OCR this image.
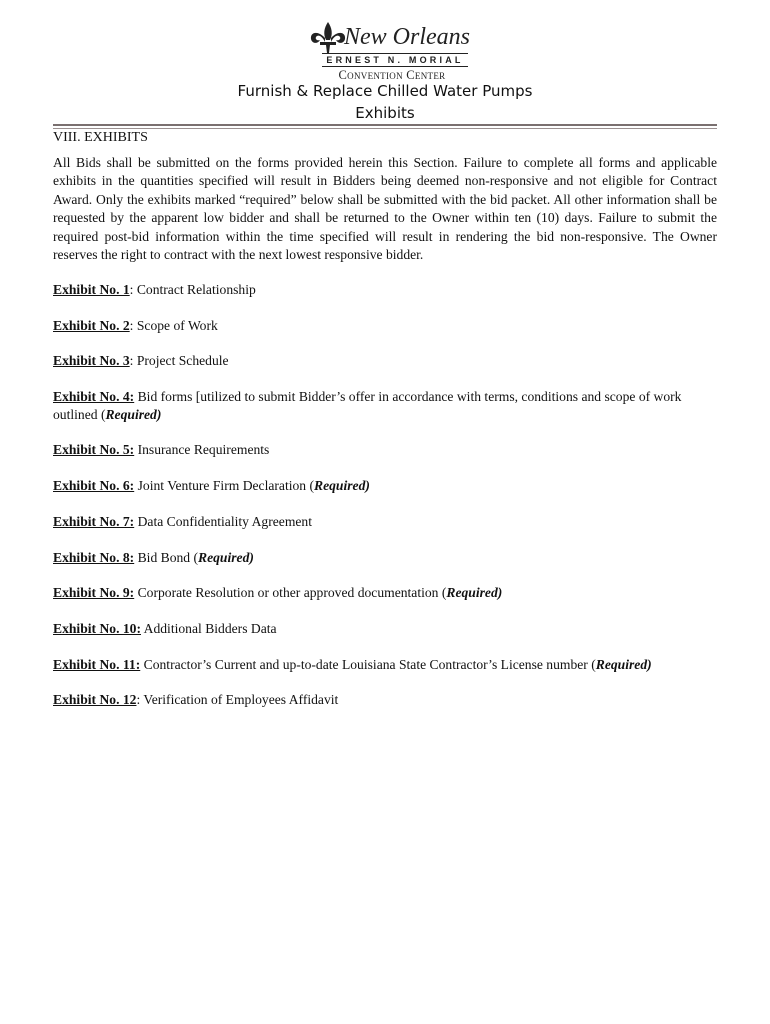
New Orleans
ERNEST N. MORIAL
Convention Center
Furnish & Replace Chilled Water Pumps
Exhibits
VIII. EXHIBITS
All Bids shall be submitted on the forms provided herein this Section. Failure to complete all forms and applicable exhibits in the quantities specified will result in Bidders being deemed non-responsive and not eligible for Contract Award. Only the exhibits marked “required” below shall be submitted with the bid packet. All other information shall be requested by the apparent low bidder and shall be returned to the Owner within ten (10) days. Failure to submit the required post-bid information within the time specified will result in rendering the bid non-responsive. The Owner reserves the right to contract with the next lowest responsive bidder.
Exhibit No. 1: Contract Relationship
Exhibit No. 2: Scope of Work
Exhibit No. 3: Project Schedule
Exhibit No. 4: Bid forms [utilized to submit Bidder’s offer in accordance with terms, conditions and scope of work outlined (Required)
Exhibit No. 5: Insurance Requirements
Exhibit No. 6: Joint Venture Firm Declaration (Required)
Exhibit No. 7: Data Confidentiality Agreement
Exhibit No. 8: Bid Bond (Required)
Exhibit No. 9: Corporate Resolution or other approved documentation (Required)
Exhibit No. 10: Additional Bidders Data
Exhibit No. 11: Contractor’s Current and up-to-date Louisiana State Contractor’s License number (Required)
Exhibit No. 12: Verification of Employees Affidavit
